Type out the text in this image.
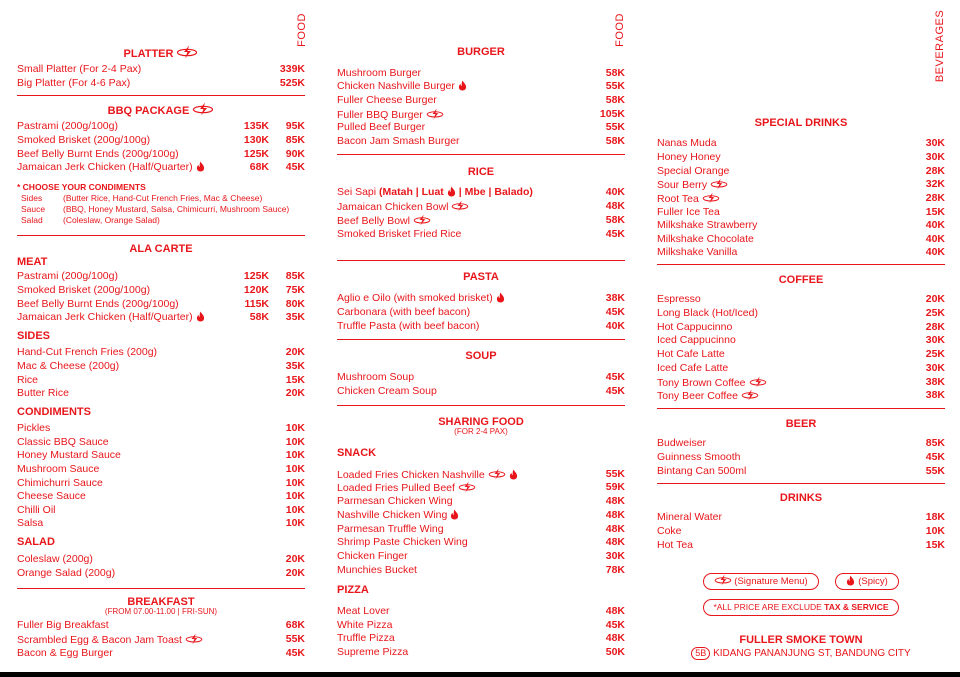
FOOD
PLATTER
Small Platter (For 2-4 Pax)	339K
Big Platter (For 4-6 Pax)	525K
BBQ PACKAGE
Pastrami (200g/100g)	135K 95K
Smoked Brisket (200g/100g)	130K 85K
Beef Belly Burnt Ends (200g/100g)	125K 90K
Jamaican Jerk Chicken (Half/Quarter)	68K 45K
* CHOOSE YOUR CONDIMENTS
Sides (Butter Rice, Hand-Cut French Fries, Mac & Cheese)
Sauce (BBQ, Honey Mustard, Salsa, Chimicurri, Mushroom Sauce)
Salad (Coleslaw, Orange Salad)
ALA CARTE
MEAT
Pastrami (200g/100g)	125K 85K
Smoked Brisket (200g/100g)	120K 75K
Beef Belly Burnt Ends (200g/100g)	115K 80K
Jamaican Jerk Chicken (Half/Quarter)	58K 35K
SIDES
Hand-Cut French Fries (200g)	20K
Mac & Cheese (200g)	35K
Rice	15K
Butter Rice	20K
CONDIMENTS
Pickles	10K
Classic BBQ Sauce	10K
Honey Mustard Sauce	10K
Mushroom Sauce	10K
Chimichurri Sauce	10K
Cheese Sauce	10K
Chilli Oil	10K
Salsa	10K
SALAD
Coleslaw (200g)	20K
Orange Salad (200g)	20K
BREAKFAST
(FROM 07.00-11.00 | FRI-SUN)
Fuller Big Breakfast	68K
Scrambled Egg & Bacon Jam Toast	55K
Bacon & Egg Burger	45K
FOOD
BURGER
Mushroom Burger	58K
Chicken Nashville Burger	55K
Fuller Cheese Burger	58K
Fuller BBQ Burger	105K
Pulled Beef Burger	55K
Bacon Jam Smash Burger	58K
RICE
Sei Sapi (Matah | Luat | Mbe | Balado)	40K
Jamaican Chicken Bowl	48K
Beef Belly Bowl	58K
Smoked Brisket Fried Rice	45K
PASTA
Aglio e Oilo (with smoked brisket)	38K
Carbonara (with beef bacon)	45K
Truffle Pasta (with beef bacon)	40K
SOUP
Mushroom Soup	45K
Chicken Cream Soup	45K
SHARING FOOD
(FOR 2-4 PAX)
SNACK
Loaded Fries Chicken Nashville	55K
Loaded Fries Pulled Beef	59K
Parmesan Chicken Wing	48K
Nashville Chicken Wing	48K
Parmesan Truffle Wing	48K
Shrimp Paste Chicken Wing	48K
Chicken Finger	30K
Munchies Bucket	78K
PIZZA
Meat Lover	48K
White Pizza	45K
Truffle Pizza	48K
Supreme Pizza	50K
BEVERAGES
SPECIAL DRINKS
Nanas Muda	30K
Honey Honey	30K
Special Orange	28K
Sour Berry	32K
Root Tea	28K
Fuller Ice Tea	15K
Milkshake Strawberry	40K
Milkshake Chocolate	40K
Milkshake Vanilla	40K
COFFEE
Espresso	20K
Long Black (Hot/Iced)	25K
Hot Cappucinno	28K
Iced Cappucinno	30K
Hot Cafe Latte	25K
Iced Cafe Latte	30K
Tony Brown Coffee	38K
Tony Beer Coffee	38K
BEER
Budweiser	85K
Guinness Smooth	45K
Bintang Can 500ml	55K
DRINKS
Mineral Water	18K
Coke	10K
Hot Tea	15K
(Signature Menu)	(Spicy)
*ALL PRICE ARE EXCLUDE TAX & SERVICE
FULLER SMOKE TOWN
5B KIDANG PANANJUNG ST, BANDUNG CITY
